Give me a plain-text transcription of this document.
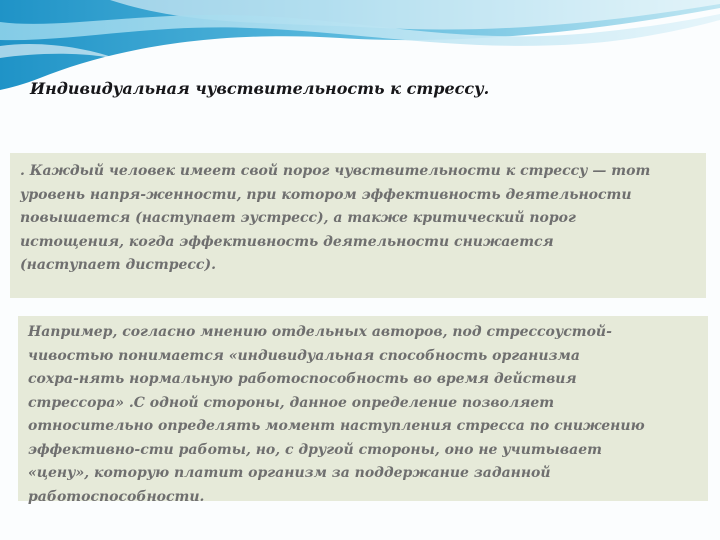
Индивидуальная чувствительность к стрессу.

. Каждый человек имеет свой порог чувствительности к стрессу — тот

уровень напря-женности, при котором эффективность деятельности

повышается (наступает эустресс), а также критический порог

истощения, когда эффективность деятельности снижается

(наступает дистресс).

Например, согласно мнению отдельных авторов, под стрессоустой-

чивостью понимается «индивидуальная способность организма

сохра-нять нормальную работоспособность во время действия

стрессора» .С одной стороны, данное определение позволяет

относительно определять момент наступления стресса по снижению

эффективно-сти работы, но, с другой стороны, оно не учитывает

«цену», которую платит организм за поддержание заданной

работоспособности.
